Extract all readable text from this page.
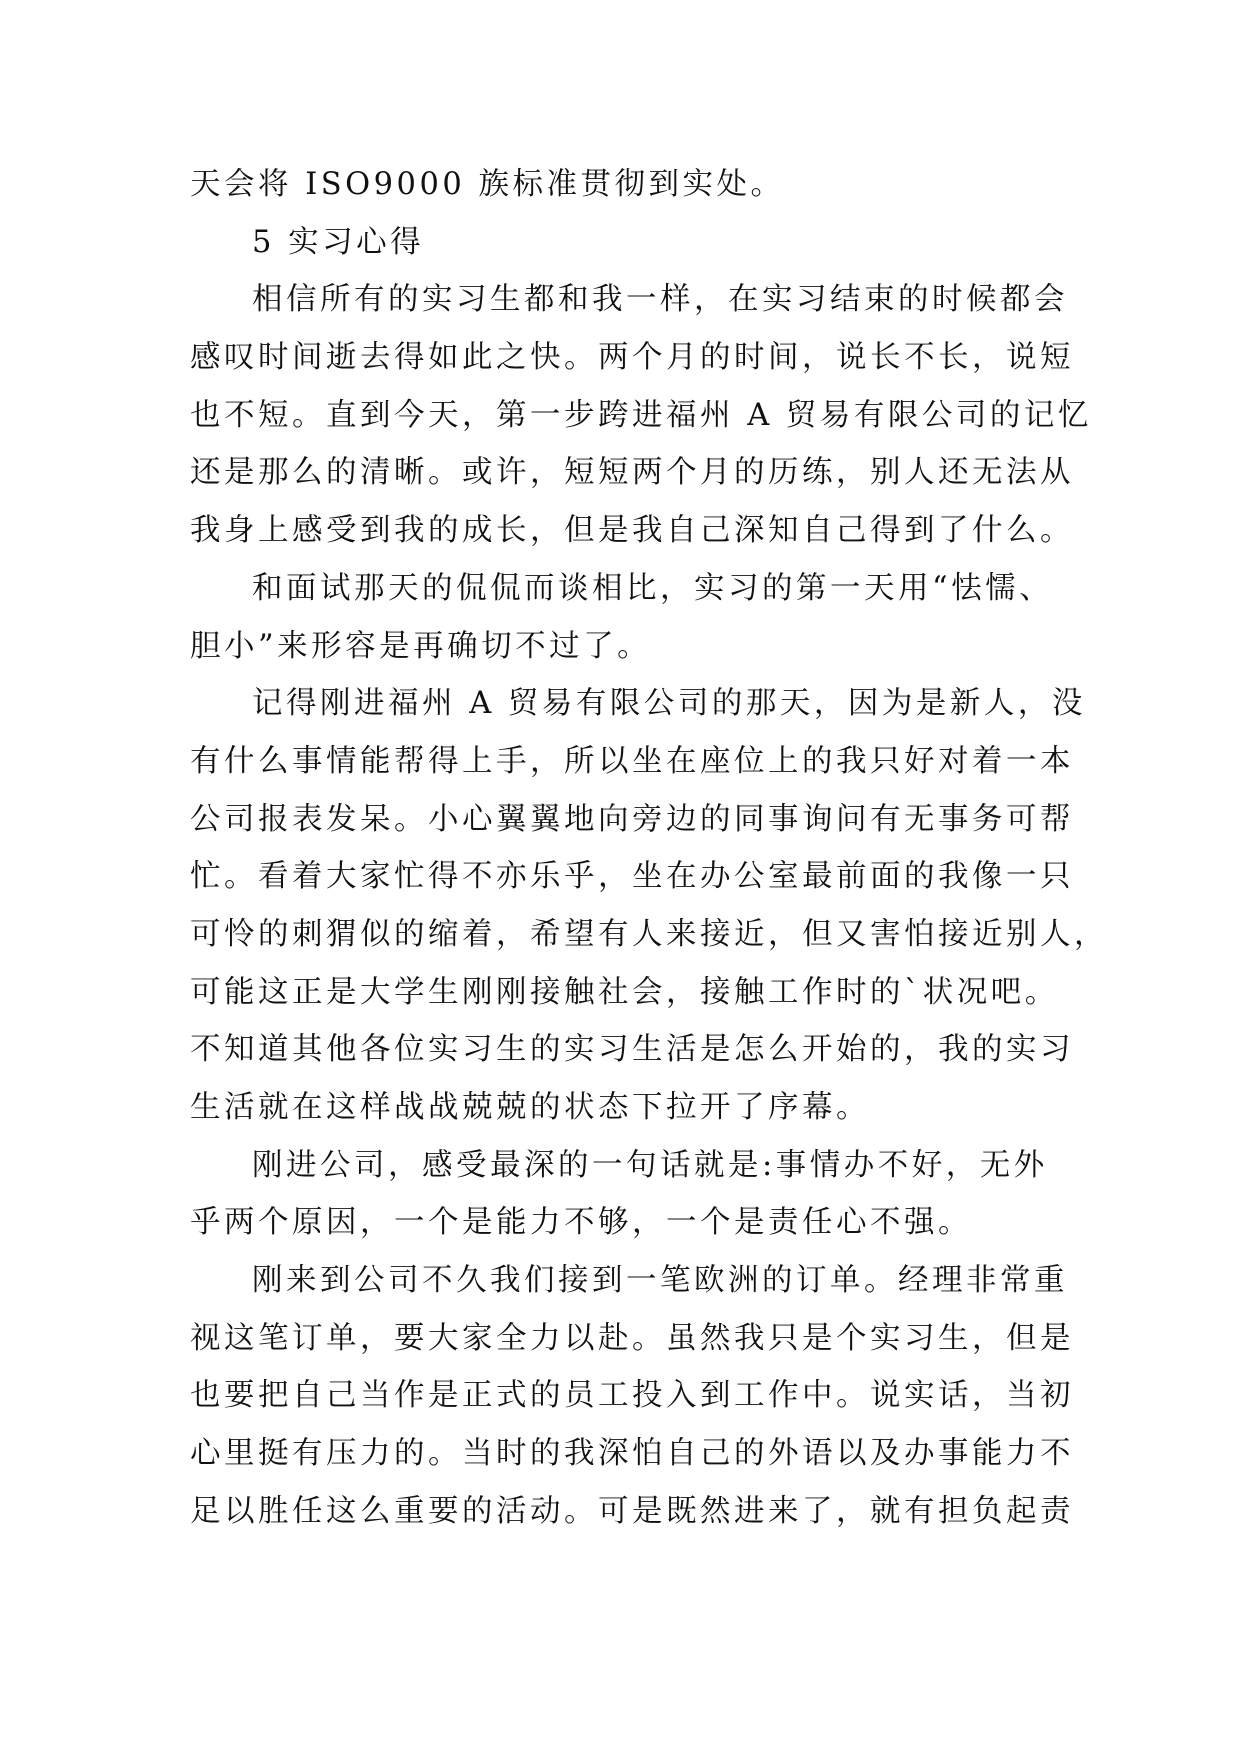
天会将 ISO9000 族标准贯彻到实处。
5 实习心得
相信所有的实习生都和我一样，在实习结束的时候都会
感叹时间逝去得如此之快。两个月的时间，说长不长，说短
也不短。直到今天，第一步跨进福州 A 贸易有限公司的记忆
还是那么的清晰。或许，短短两个月的历练，别人还无法从
我身上感受到我的成长，但是我自己深知自己得到了什么。
和面试那天的侃侃而谈相比，实习的第一天用“怯懦、
胆小”来形容是再确切不过了。
记得刚进福州 A 贸易有限公司的那天，因为是新人，没
有什么事情能帮得上手，所以坐在座位上的我只好对着一本
公司报表发呆。小心翼翼地向旁边的同事询问有无事务可帮
忙。看着大家忙得不亦乐乎，坐在办公室最前面的我像一只
可怜的刺猬似的缩着，希望有人来接近，但又害怕接近别人，
可能这正是大学生刚刚接触社会，接触工作时的`状况吧。
不知道其他各位实习生的实习生活是怎么开始的，我的实习
生活就在这样战战兢兢的状态下拉开了序幕。
刚进公司，感受最深的一句话就是:事情办不好，无外
乎两个原因，一个是能力不够，一个是责任心不强。
刚来到公司不久我们接到一笔欧洲的订单。经理非常重
视这笔订单，要大家全力以赴。虽然我只是个实习生，但是
也要把自己当作是正式的员工投入到工作中。说实话，当初
心里挺有压力的。当时的我深怕自己的外语以及办事能力不
足以胜任这么重要的活动。可是既然进来了，就有担负起责
